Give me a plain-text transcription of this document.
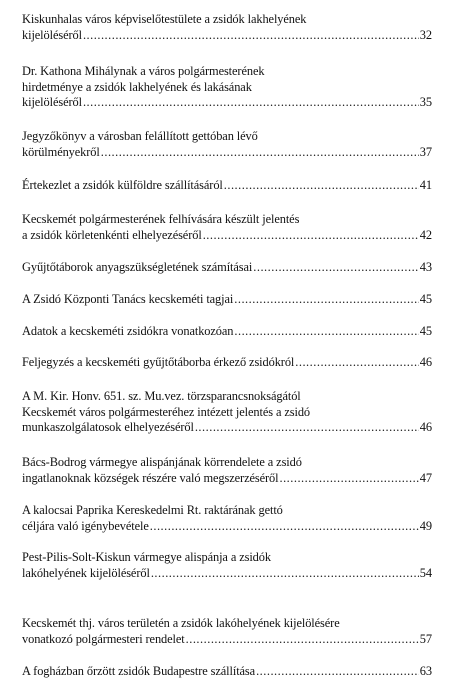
Kiskunhalas város képviselőtestülete a zsidók lakhelyének
kijelöléséről .....	32
Dr. Kathona Mihálynak a város polgármesterének
hirdetménye a zsidók lakhelyének és lakásának
kijelöléséről .....	35
Jegyzőkönyv a városban felállított gettóban lévő
körülményekről .....	37
Értekezlet a zsidók külföldre szállításáról .....	41
Kecskemét polgármesterének felhívására készült jelentés
a zsidók körletenkénti elhelyezéséről .....	42
Gyűjtőtáborok anyagszükségletének számításai .....	43
A Zsidó Központi Tanács kecskeméti tagjai .....	45
Adatok a kecskeméti zsidókra vonatkozóan .....	45
Feljegyzés a kecskeméti gyűjtőtáborba érkező zsidókról .....	46
A M. Kir. Honv. 651. sz. Mu.vez. törzsparancsnokságától
Kecskemét város polgármesteréhez intézett jelentés a zsidó
munkaszolgálatosok elhelyezéséről .....	46
Bács-Bodrog vármegye alispánjának körrendelete a zsidó
ingatlanoknak községek részére való megszerzéséről .....	47
A kalocsai Paprika Kereskedelmi Rt. raktárának gettó
céljára való igénybevétele .....	49
Pest-Pilis-Solt-Kiskun vármegye alispánja a zsidók
lakóhelyének kijelöléséről .....	54
Kecskemét thj. város területén a zsidók lakóhelyének kijelölésére
vonatkozó polgármesteri rendelet .....	57
A fogházban őrzött zsidók Budapestre szállítása .....	63
